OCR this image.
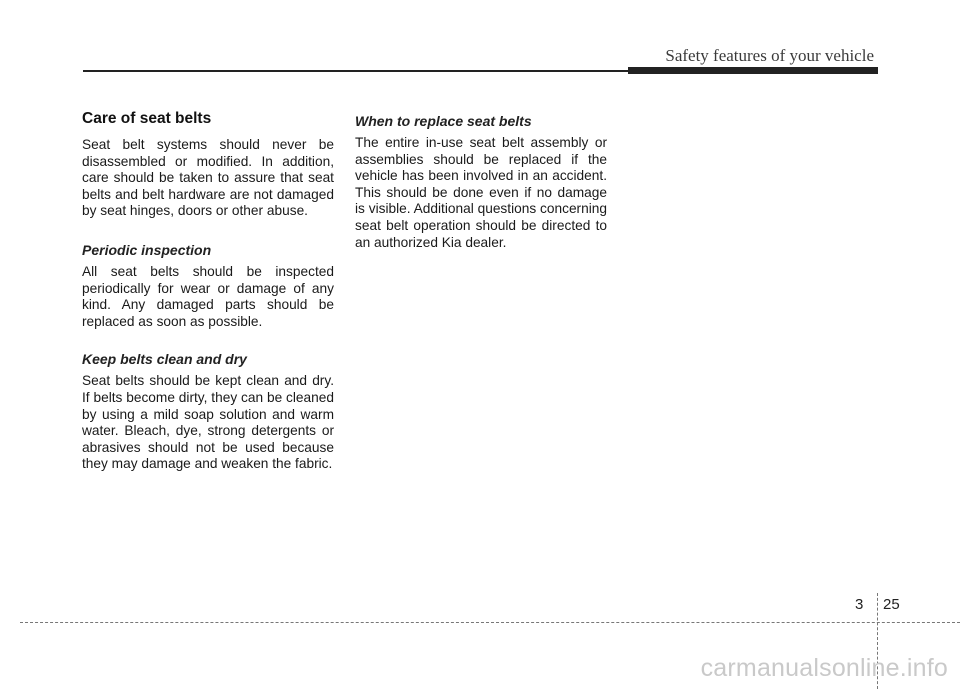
Safety features of your vehicle
Care of seat belts

Seat belt systems should never be disassembled or modified. In addition, care should be taken to assure that seat belts and belt hardware are not damaged by seat hinges, doors or other abuse.

Periodic inspection

All seat belts should be inspected periodically for wear or damage of any kind. Any damaged parts should be replaced as soon as possible.

Keep belts clean and dry

Seat belts should be kept clean and dry. If belts become dirty, they can be cleaned by using a mild soap solution and warm water. Bleach, dye, strong detergents or abrasives should not be used because they may damage and weaken the fabric.

When to replace seat belts

The entire in-use seat belt assembly or assemblies should be replaced if the vehicle has been involved in an accident. This should be done even if no damage is visible. Additional questions concerning seat belt operation should be directed to an authorized Kia dealer.

3 25
carmanualsonline.info
